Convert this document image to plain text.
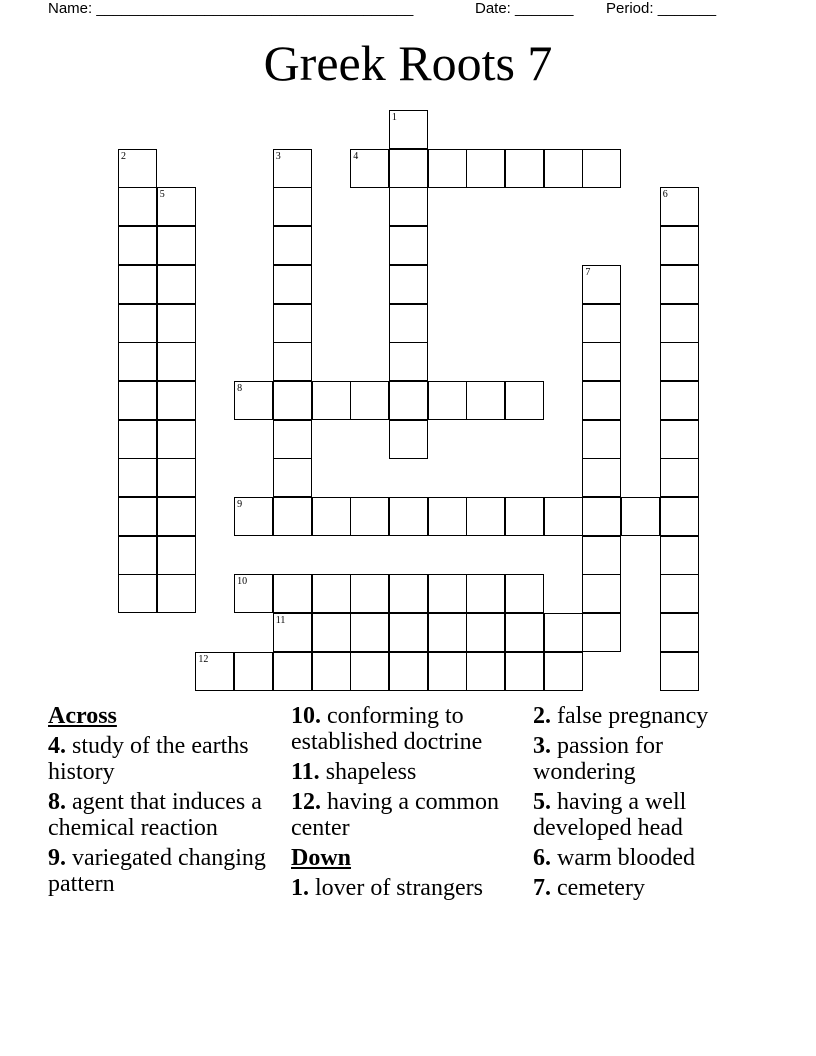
Name: ______________________________________	Date: _______ Period: _______
Greek Roots 7
4
8
9
10
11
12
1
2	3
5	6
7
Across
4. study of the earths history
8. agent that induces a chemical reaction
9. variegated changing pattern
10. conforming to established doctrine
11. shapeless
12. having a common center
Down
1. lover of strangers
2. false pregnancy
3. passion for wondering
5. having a well developed head
6. warm blooded
7. cemetery
